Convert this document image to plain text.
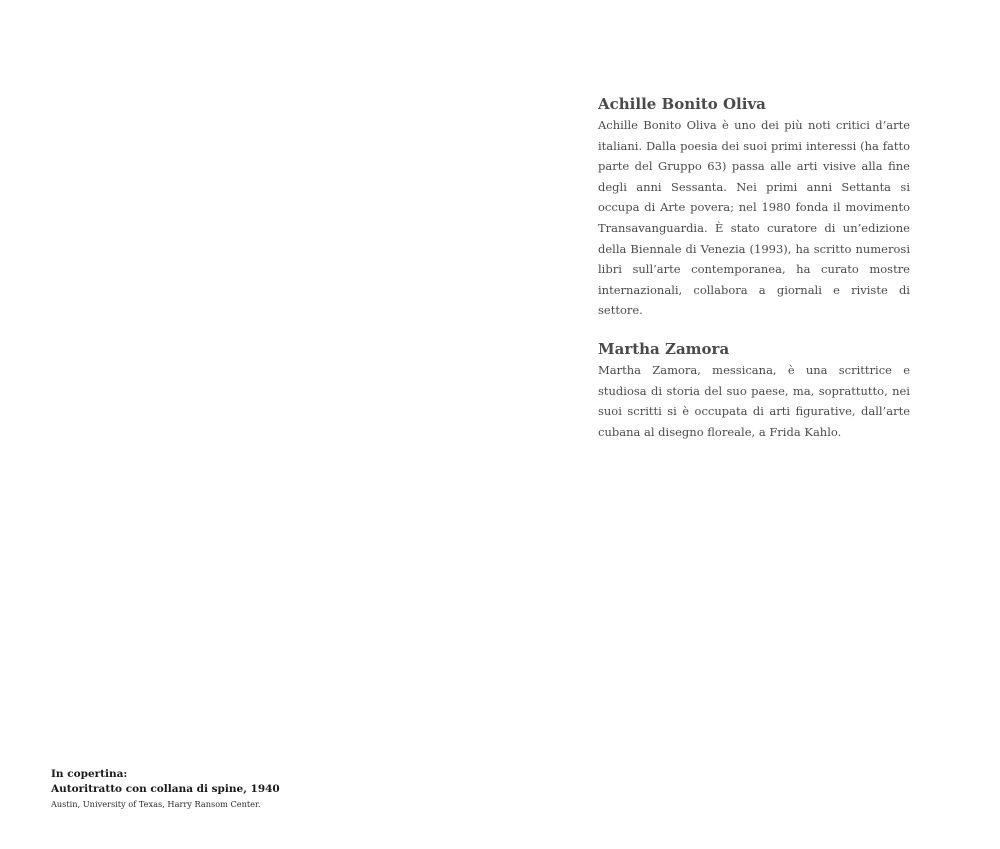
Achille Bonito Oliva

Achille Bonito Oliva è uno dei più noti critici d’arte italiani. Dalla poesia dei suoi primi interessi (ha fatto parte del Gruppo 63) passa alle arti visive alla fine degli anni Sessanta. Nei primi anni Settanta si occupa di Arte povera; nel 1980 fonda il movimento Transavanguardia. È stato curatore di un’edizione della Biennale di Venezia (1993), ha scritto numerosi libri sull’arte contemporanea, ha curato mostre internazionali, collabora a giornali e riviste di settore.

Martha Zamora

Martha Zamora, messicana, è una scrittrice e studiosa di storia del suo paese, ma, soprattutto, nei suoi scritti si è occupata di arti figurative, dall’arte cubana al disegno floreale, a Frida Kahlo.

In copertina:

Autoritratto con collana di spine, 1940

Austin, University of Texas, Harry Ransom Center.
